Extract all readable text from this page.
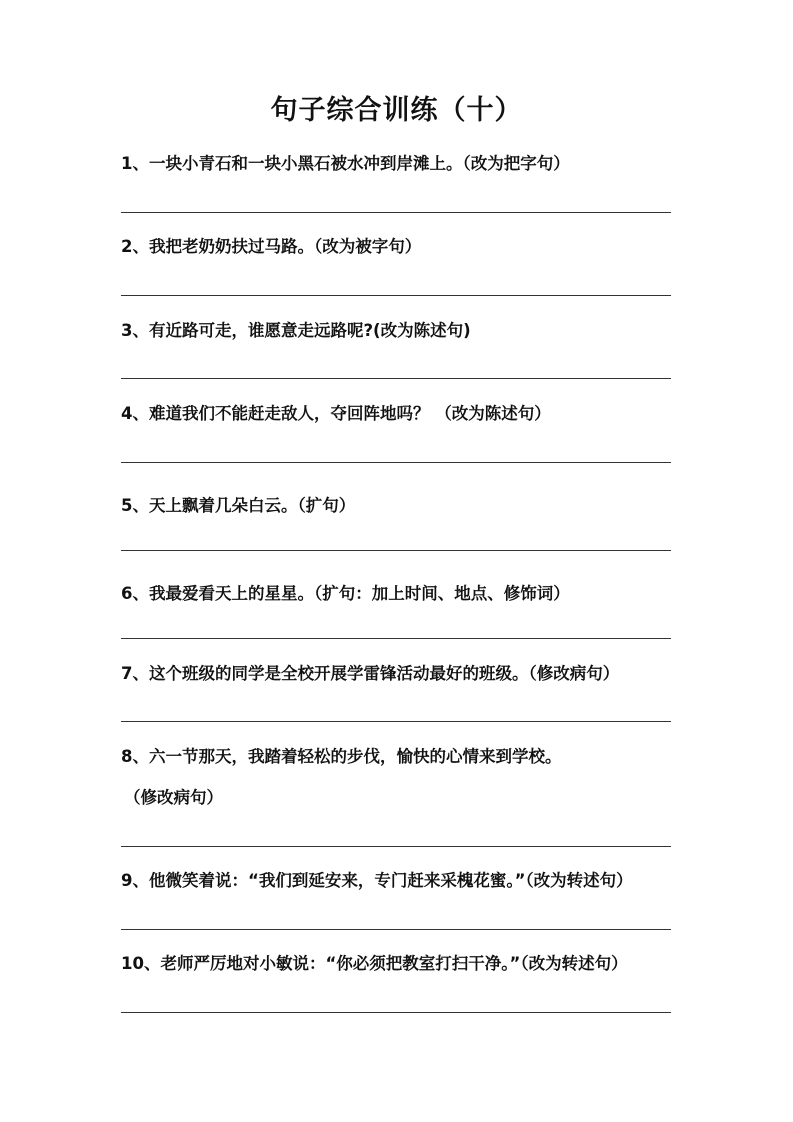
句子综合训练（十）
1、一块小青石和一块小黑石被水冲到岸滩上。（改为把字句）
2、我把老奶奶扶过马路。（改为被字句）
3、有近路可走，谁愿意走远路呢?(改为陈述句)
4、难道我们不能赶走敌人，夺回阵地吗？ （改为陈述句）
5、天上飘着几朵白云。（扩句）
6、我最爱看天上的星星。（扩句：加上时间、地点、修饰词）
7、这个班级的同学是全校开展学雷锋活动最好的班级。（修改病句）
8、六一节那天，我踏着轻松的步伐，愉快的心情来到学校。
（修改病句）
9、他微笑着说：“我们到延安来，专门赶来采槐花蜜。”（改为转述句）
10、老师严厉地对小敏说：“你必须把教室打扫干净。”（改为转述句）
